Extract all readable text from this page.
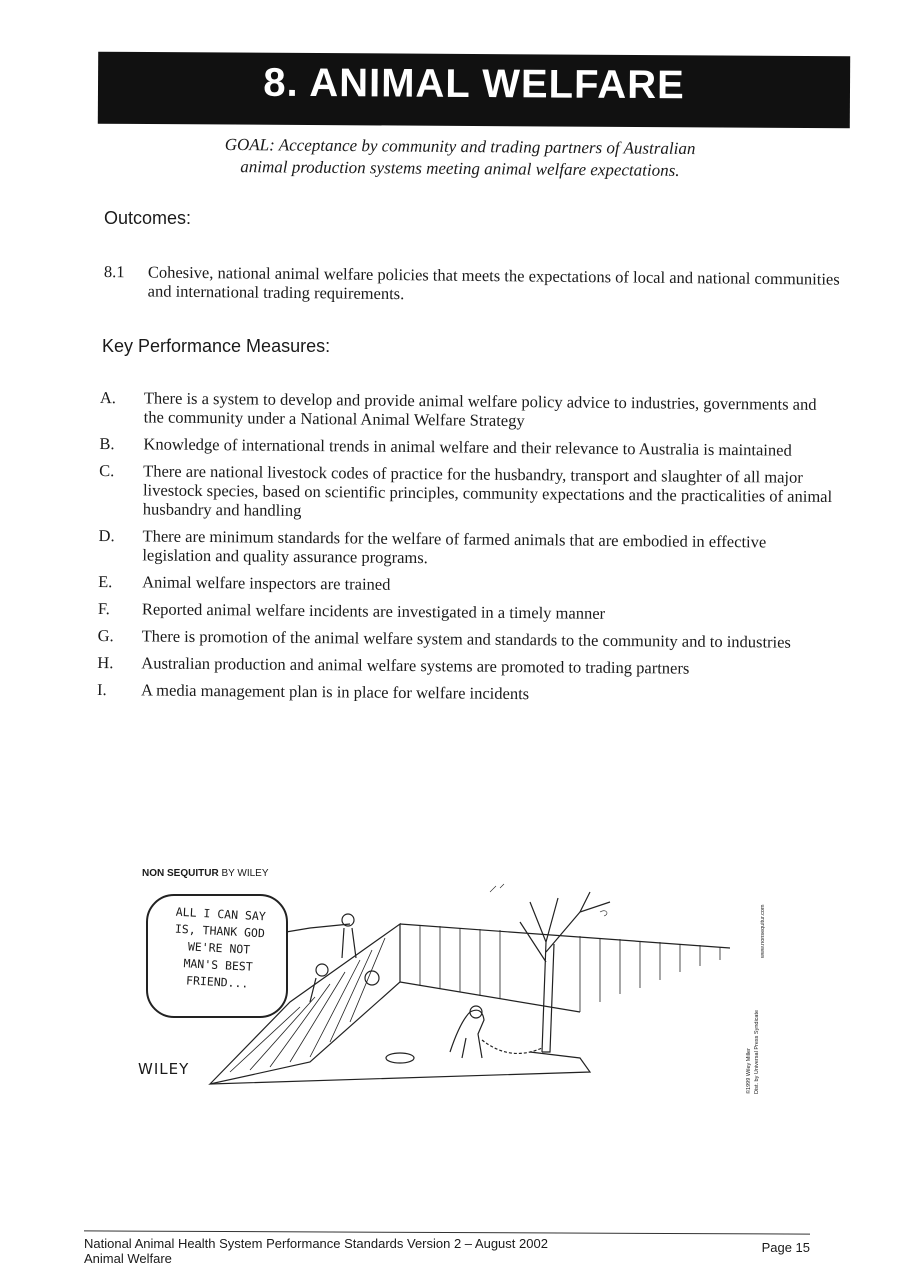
8. ANIMAL WELFARE
GOAL: Acceptance by community and trading partners of Australian
animal production systems meeting animal welfare expectations.
Outcomes:
8.1 Cohesive, national animal welfare policies that meets the expectations of local and national communities and international trading requirements.
Key Performance Measures:
A. There is a system to develop and provide animal welfare policy advice to industries, governments and the community under a National Animal Welfare Strategy
B. Knowledge of international trends in animal welfare and their relevance to Australia is maintained
C. There are national livestock codes of practice for the husbandry, transport and slaughter of all major livestock species, based on scientific principles, community expectations and the practicalities of animal husbandry and handling
D. There are minimum standards for the welfare of farmed animals that are embodied in effective legislation and quality assurance programs.
E. Animal welfare inspectors are trained
F. Reported animal welfare incidents are investigated in a timely manner
G. There is promotion of the animal welfare system and standards to the community and to industries
H. Australian production and animal welfare systems are promoted to trading partners
I. A media management plan is in place for welfare incidents
NON SEQUITUR BY WILEY
ALL I CAN SAY
IS, THANK GOD
WE'RE NOT
MAN'S BEST
FRIEND...
WILEY	©1999 Wiley Miller Dist. by Universal Press Syndicate
www.nonsequitur.com
National Animal Health System Performance Standards Version 2 – August 2002
Animal Welfare
Page 15
